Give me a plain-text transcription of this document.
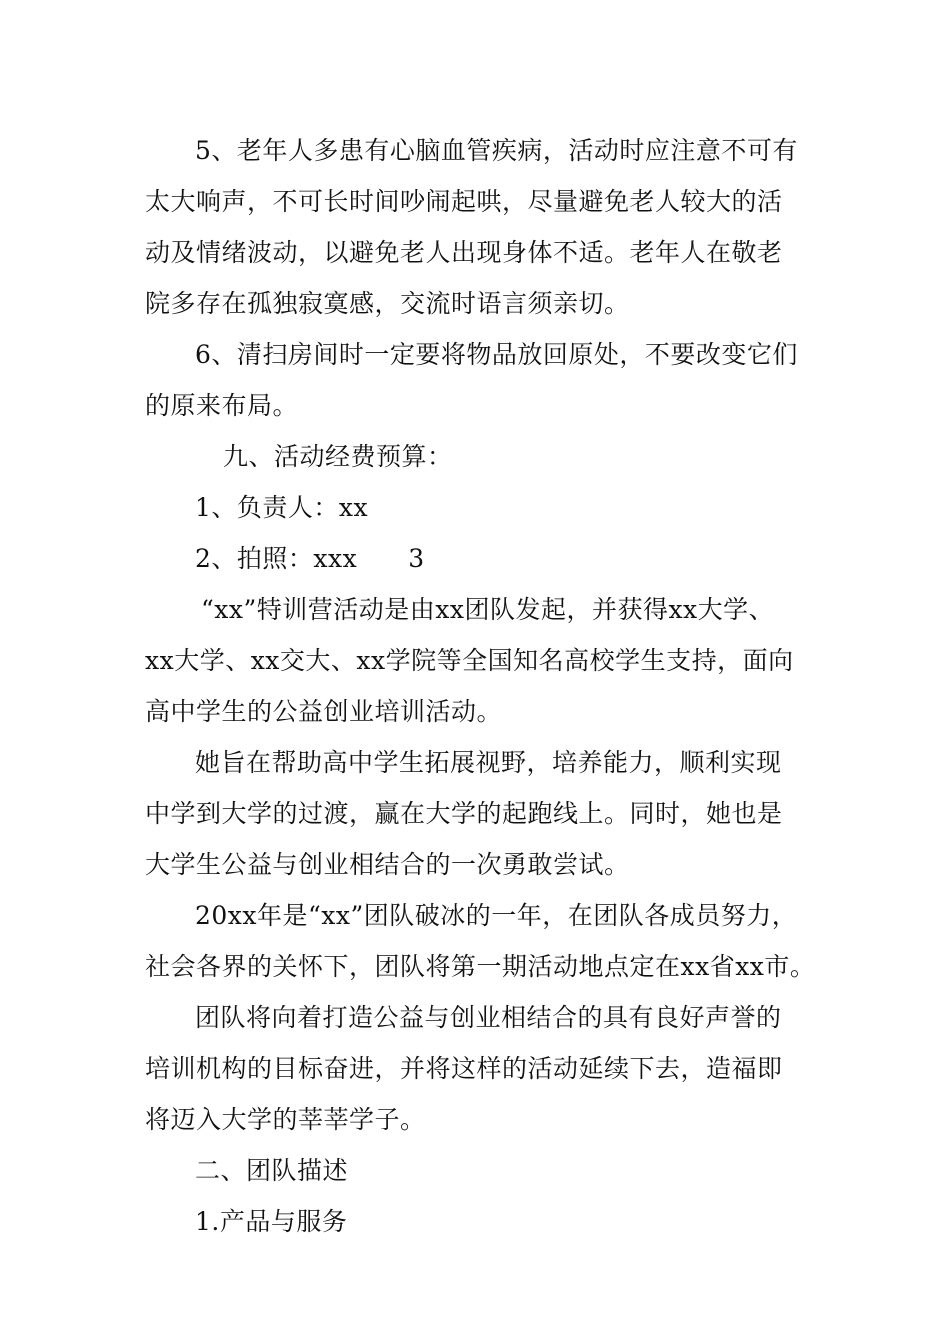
5、老年人多患有心脑血管疾病，活动时应注意不可有
太大响声，不可长时间吵闹起哄，尽量避免老人较大的活
动及情绪波动，以避免老人出现身体不适。老年人在敬老
院多存在孤独寂寞感，交流时语言须亲切。
6、清扫房间时一定要将物品放回原处，不要改变它们
的原来布局。
九、活动经费预算：
1、负责人：xx
2、拍照：xxx　　3
“xx”特训营活动是由xx团队发起，并获得xx大学、
xx大学、xx交大、xx学院等全国知名高校学生支持，面向
高中学生的公益创业培训活动。
她旨在帮助高中学生拓展视野，培养能力，顺利实现
中学到大学的过渡，赢在大学的起跑线上。同时，她也是
大学生公益与创业相结合的一次勇敢尝试。
20xx年是“xx”团队破冰的一年，在团队各成员努力，
社会各界的关怀下，团队将第一期活动地点定在xx省xx市。
团队将向着打造公益与创业相结合的具有良好声誉的
培训机构的目标奋进，并将这样的活动延续下去，造福即
将迈入大学的莘莘学子。
二、团队描述
1.产品与服务
